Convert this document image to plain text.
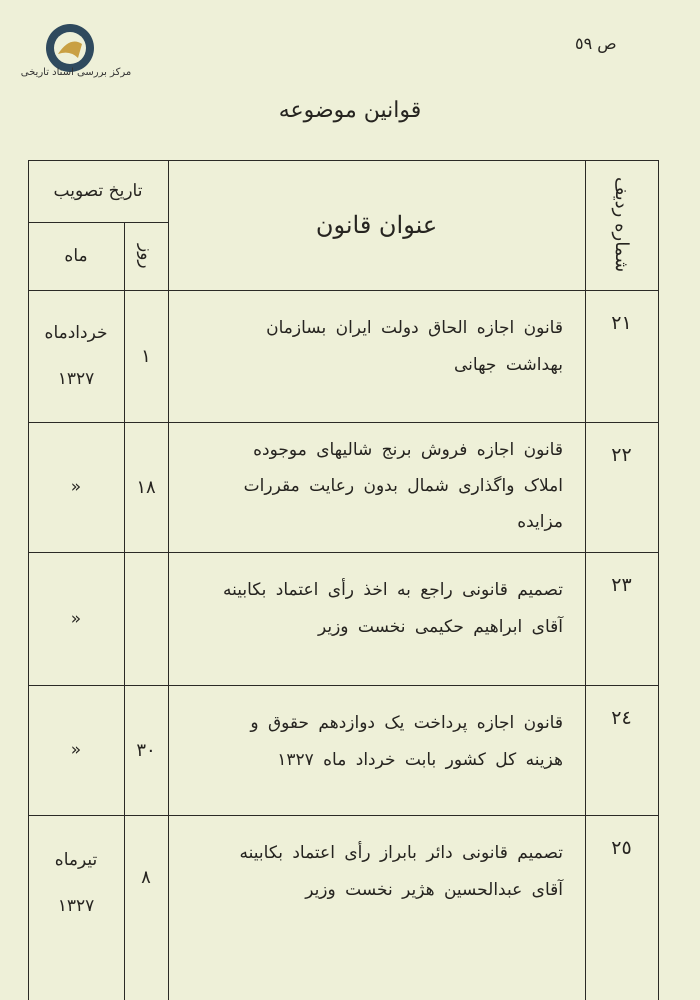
مرکز بررسی اسناد تاریخی
ص ٥٩
قوانین موضوعه
شماره ردیف
عنوان قانون
تاریخ تصویب
روز
ماه
٢١
قانون اجازه الحاق دولت ایران بسازمان
بهداشت جهانی
١
خردادماه
١٣٢٧
٢٢
قانون اجازه فروش برنج شالیهای موجوده
املاک واگذاری شمال بدون رعایت مقررات
مزایده
١٨
«
٢٣
تصمیم قانونی راجع به اخذ رأی اعتماد بکابینه
آقای ابراهیم حکیمی نخست وزیر
«
٢٤
قانون اجازه پرداخت یک دوازدهم حقوق و
هزینه کل کشور بابت خرداد ماه ١٣٢٧
٣٠
«
٢٥
تصمیم قانونی دائر بابراز رأی اعتماد بکابینه
آقای عبدالحسین هژیر نخست وزیر
٨
تیرماه
١٣٢٧
